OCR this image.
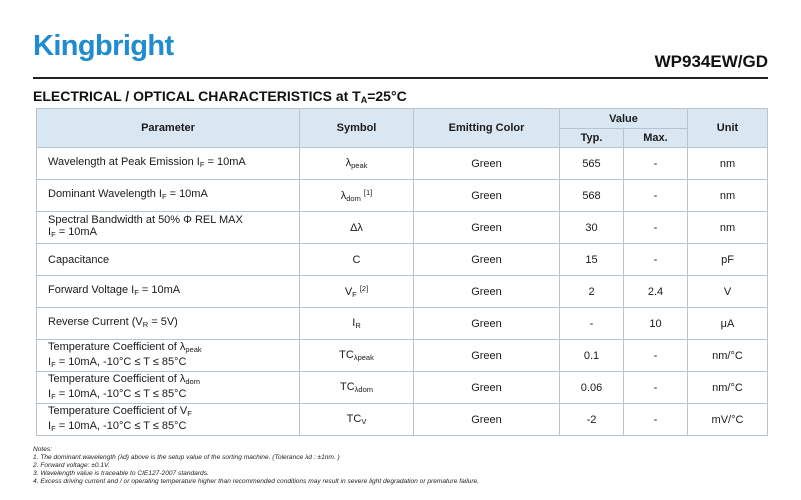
Kingbright	WP934EW/GD
ELECTRICAL / OPTICAL CHARACTERISTICS at $T_A=25^\circ C$
Parameter	Symbol	Emitting Color	Value		Unit
			Typ.	Max.	

Wavelength at Peak Emission $I_F = 10mA$	$\lambda_{peak}$	Green	565	-	nm

Dominant Wavelength $I_F = 10mA$	$\lambda_{dom}$ [1]	Green	568	-	nm

Spectral Bandwidth at 50% Φ REL MAX
$I_F = 10mA$	Δλ	Green	30	-	nm

Capacitance	C	Green	15	-	pF

Forward Voltage $I_F = 10mA$	$V_F$ [2]	Green	2	2.4	V

Reverse Current $(V_R = 5V)$	$I_R$	Green	-	10	μA

Temperature Coefficient of $\lambda_{peak}$
$I_F = 10mA$, -10°C ≤ T ≤ 85°C	$TC_{\lambda peak}$	Green	0.1	-	nm/°C

Temperature Coefficient of $\lambda_{dom}$
$I_F = 10mA$, -10°C ≤ T ≤ 85°C	$TC_{\lambda dom}$	Green	0.06	-	nm/°C

Temperature Coefficient of $V_F$
$I_F = 10mA$, -10°C ≤ T ≤ 85°C	$TC_V$	Green	-2	-	mV/°C
Notes:
1. The dominant wavelength (λd) above is the setup value of the sorting machine. (Tolerance λd : ±1nm. )
2. Forward voltage: ±0.1V.
3. Wavelength value is traceable to CIE127-2007 standards.
4. Excess driving current and / or operating temperature higher than recommended conditions may result in severe light degradation or premature failure.
